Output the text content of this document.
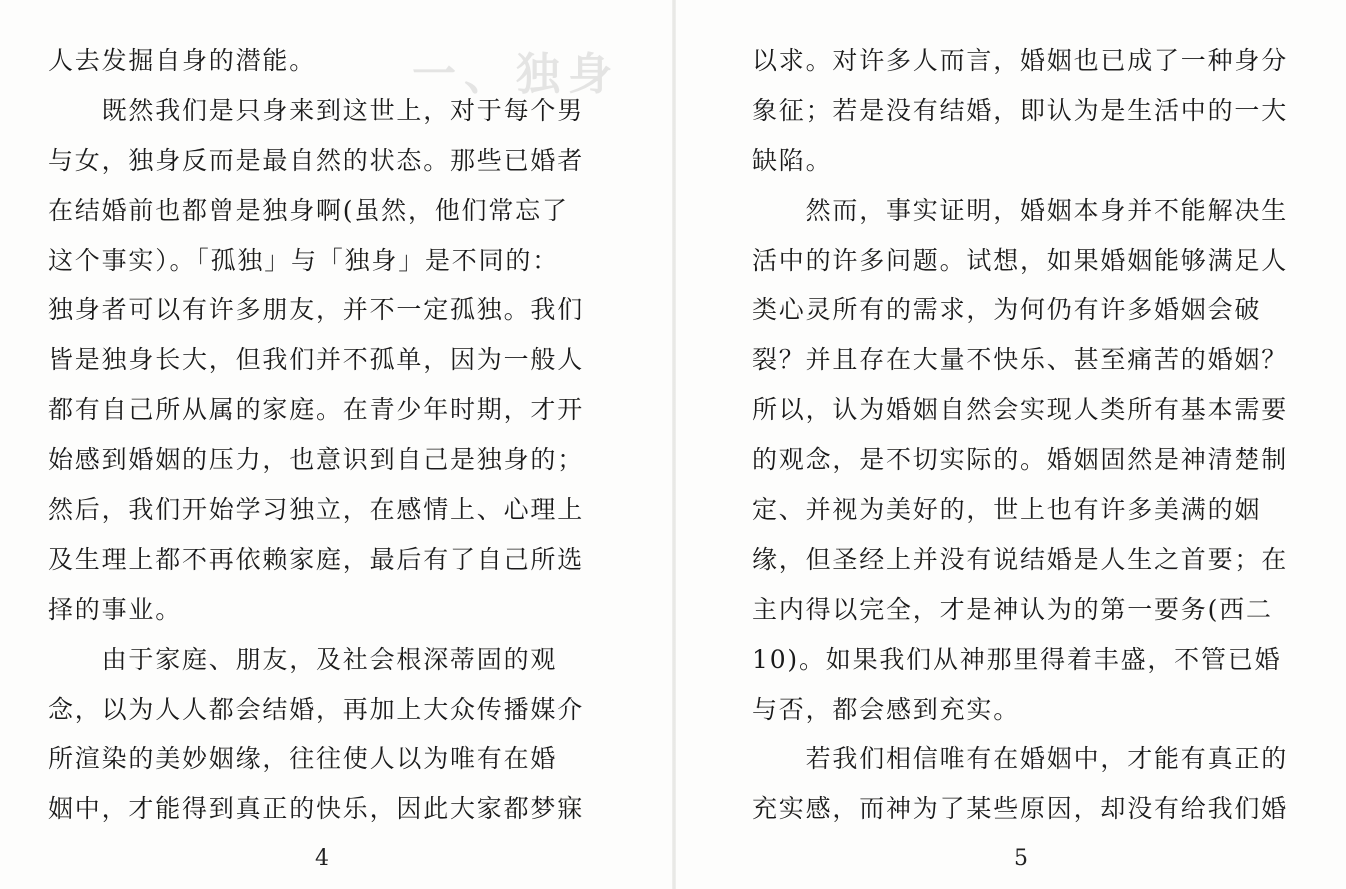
一、独身
人去发掘自身的潜能。
　　既然我们是只身来到这世上，对于每个男
与女，独身反而是最自然的状态。那些已婚者
在结婚前也都曾是独身啊(虽然，他们常忘了
这个事实）。「孤独」与「独身」是不同的：
独身者可以有许多朋友，并不一定孤独。我们
皆是独身长大，但我们并不孤单，因为一般人
都有自己所从属的家庭。在青少年时期，才开
始感到婚姻的压力，也意识到自己是独身的；
然后，我们开始学习独立，在感情上、心理上
及生理上都不再依赖家庭，最后有了自己所选
择的事业。
　　由于家庭、朋友，及社会根深蒂固的观
念，以为人人都会结婚，再加上大众传播媒介
所渲染的美妙姻缘，往往使人以为唯有在婚
姻中，才能得到真正的快乐，因此大家都梦寐
以求。对许多人而言，婚姻也已成了一种身分
象征；若是没有结婚，即认为是生活中的一大
缺陷。
　　然而，事实证明，婚姻本身并不能解决生
活中的许多问题。试想，如果婚姻能够满足人
类心灵所有的需求，为何仍有许多婚姻会破
裂？并且存在大量不快乐、甚至痛苦的婚姻？
所以，认为婚姻自然会实现人类所有基本需要
的观念，是不切实际的。婚姻固然是神清楚制
定、并视为美好的，世上也有许多美满的姻
缘，但圣经上并没有说结婚是人生之首要；在
主内得以完全，才是神认为的第一要务(西二
10)。如果我们从神那里得着丰盛，不管已婚
与否，都会感到充实。
　　若我们相信唯有在婚姻中，才能有真正的
充实感，而神为了某些原因，却没有给我们婚
4	5
